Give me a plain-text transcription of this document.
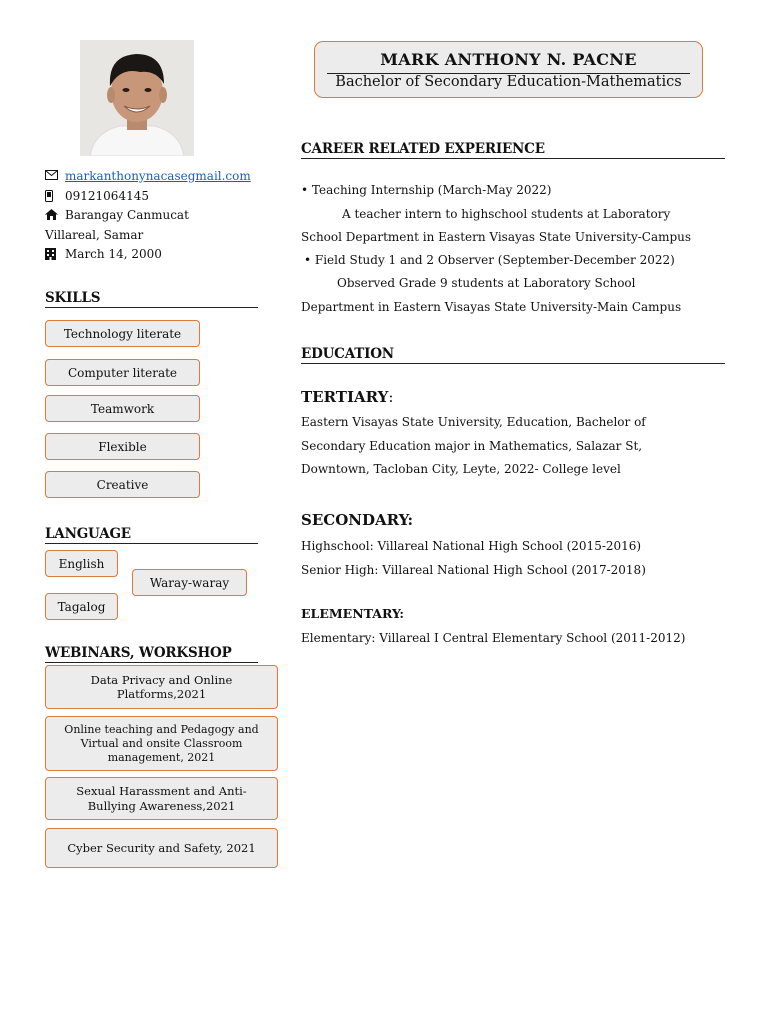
markanthonynacasegmail.com
09121064145
Barangay Canmucat
Villareal, Samar
March 14, 2000
SKILLS
Technology literate
Computer literate
Teamwork
Flexible
Creative
LANGUAGE
English
Waray-waray
Tagalog
WEBINARS, WORKSHOP
Data Privacy and Online Platforms,2021
Online teaching and Pedagogy and Virtual and onsite Classroom management, 2021
Sexual Harassment and Anti-Bullying Awareness,2021
Cyber Security and Safety, 2021
MARK ANTHONY N. PACNE
Bachelor of Secondary Education-Mathematics
CAREER RELATED EXPERIENCE
• Teaching Internship (March-May 2022)
A teacher intern to highschool students at Laboratory
School Department in Eastern Visayas State University-Campus
• Field Study 1 and 2 Observer (September-December 2022)
Observed Grade 9 students at Laboratory School
Department in Eastern Visayas State University-Main Campus
EDUCATION
TERTIARY:
Eastern Visayas State University, Education, Bachelor of
Secondary Education major in Mathematics, Salazar St,
Downtown, Tacloban City, Leyte, 2022- College level
SECONDARY:
Highschool: Villareal National High School (2015-2016)
Senior High: Villareal National High School (2017-2018)
ELEMENTARY:
Elementary: Villareal I Central Elementary School (2011-2012)
